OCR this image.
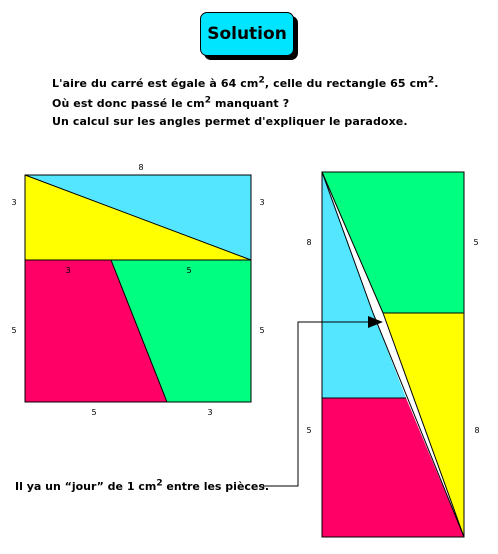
Solution
L'aire du carré est égale à 64 $cm^2$, celle du rectangle 65 $cm^2$.
Où est donc passé le $cm^2$ manquant ?
Un calcul sur les angles permet d'expliquer le paradoxe.
8
3	3
3	5
5	5
5	3
8
5
5
8
Il ya un “jour” de 1 $cm^2$ entre les pièces.
